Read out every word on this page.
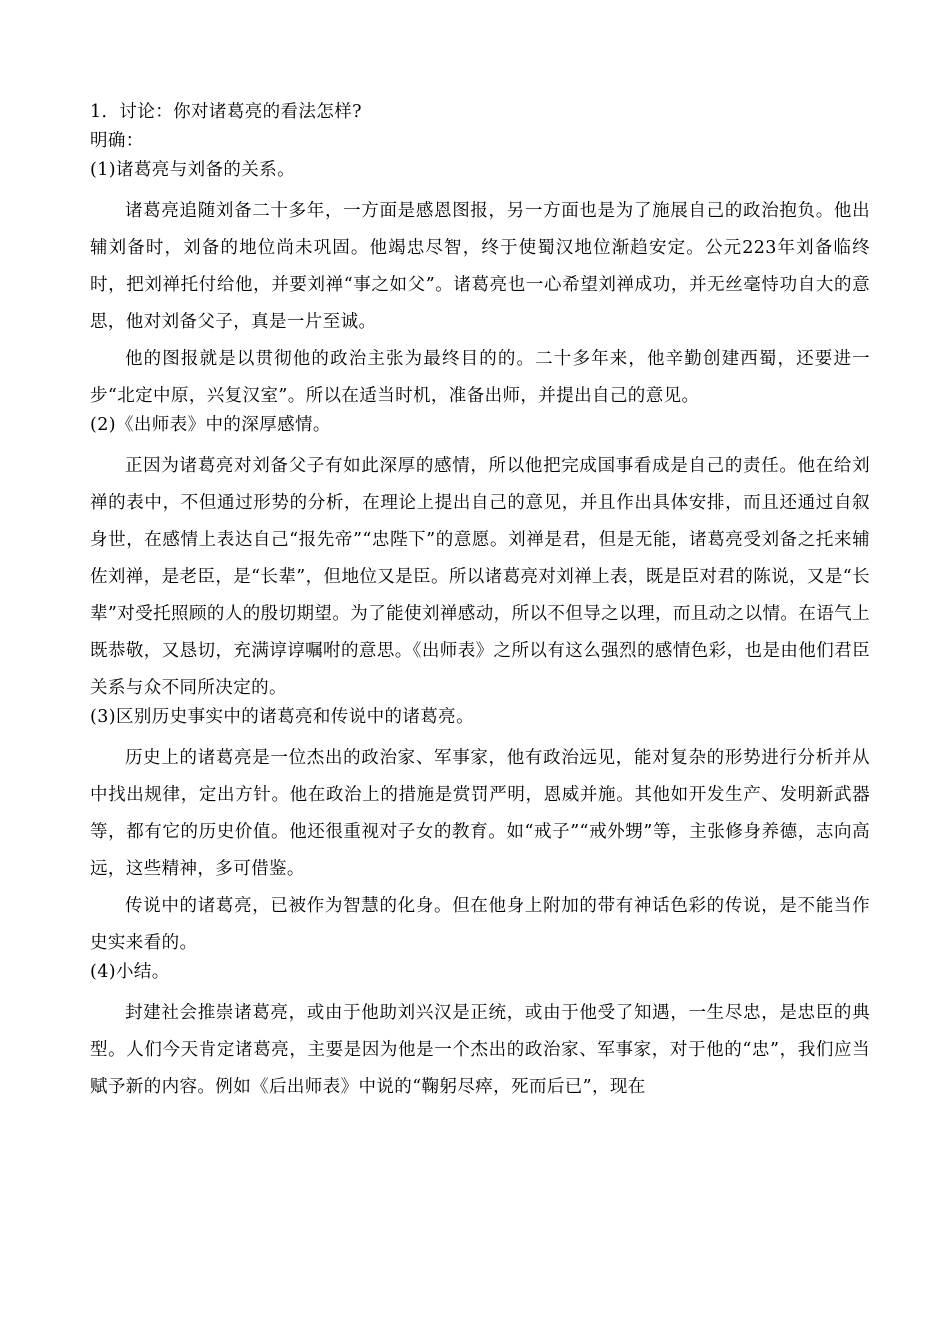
1．讨论：你对诸葛亮的看法怎样?

明确：

(1)诸葛亮与刘备的关系。

诸葛亮追随刘备二十多年，一方面是感恩图报，另一方面也是为了施展自己的政治抱负。他出辅刘备时，刘备的地位尚未巩固。他竭忠尽智，终于使蜀汉地位渐趋安定。公元223年刘备临终时，把刘禅托付给他，并要刘禅“事之如父”。诸葛亮也一心希望刘禅成功，并无丝毫恃功自大的意思，他对刘备父子，真是一片至诚。

他的图报就是以贯彻他的政治主张为最终目的的。二十多年来，他辛勤创建西蜀，还要进一步“北定中原，兴复汉室”。所以在适当时机，准备出师，并提出自己的意见。

(2)《出师表》中的深厚感情。

正因为诸葛亮对刘备父子有如此深厚的感情，所以他把完成国事看成是自己的责任。他在给刘禅的表中，不但通过形势的分析，在理论上提出自己的意见，并且作出具体安排，而且还通过自叙身世，在感情上表达自己“报先帝”“忠陛下”的意愿。刘禅是君，但是无能，诸葛亮受刘备之托来辅佐刘禅，是老臣，是“长辈”，但地位又是臣。所以诸葛亮对刘禅上表，既是臣对君的陈说，又是“长辈”对受托照顾的人的殷切期望。为了能使刘禅感动，所以不但导之以理，而且动之以情。在语气上既恭敬，又恳切，充满谆谆嘱咐的意思。《出师表》之所以有这么强烈的感情色彩，也是由他们君臣关系与众不同所决定的。

(3)区别历史事实中的诸葛亮和传说中的诸葛亮。

历史上的诸葛亮是一位杰出的政治家、军事家，他有政治远见，能对复杂的形势进行分析并从中找出规律，定出方针。他在政治上的措施是赏罚严明，恩威并施。其他如开发生产、发明新武器等，都有它的历史价值。他还很重视对子女的教育。如“戒子”“戒外甥”等，主张修身养德，志向高远，这些精神，多可借鉴。

传说中的诸葛亮，已被作为智慧的化身。但在他身上附加的带有神话色彩的传说，是不能当作史实来看的。

(4)小结。

封建社会推崇诸葛亮，或由于他助刘兴汉是正统，或由于他受了知遇，一生尽忠，是忠臣的典型。人们今天肯定诸葛亮，主要是因为他是一个杰出的政治家、军事家，对于他的“忠”，我们应当赋予新的内容。例如《后出师表》中说的“鞠躬尽瘁，死而后已”，现在
